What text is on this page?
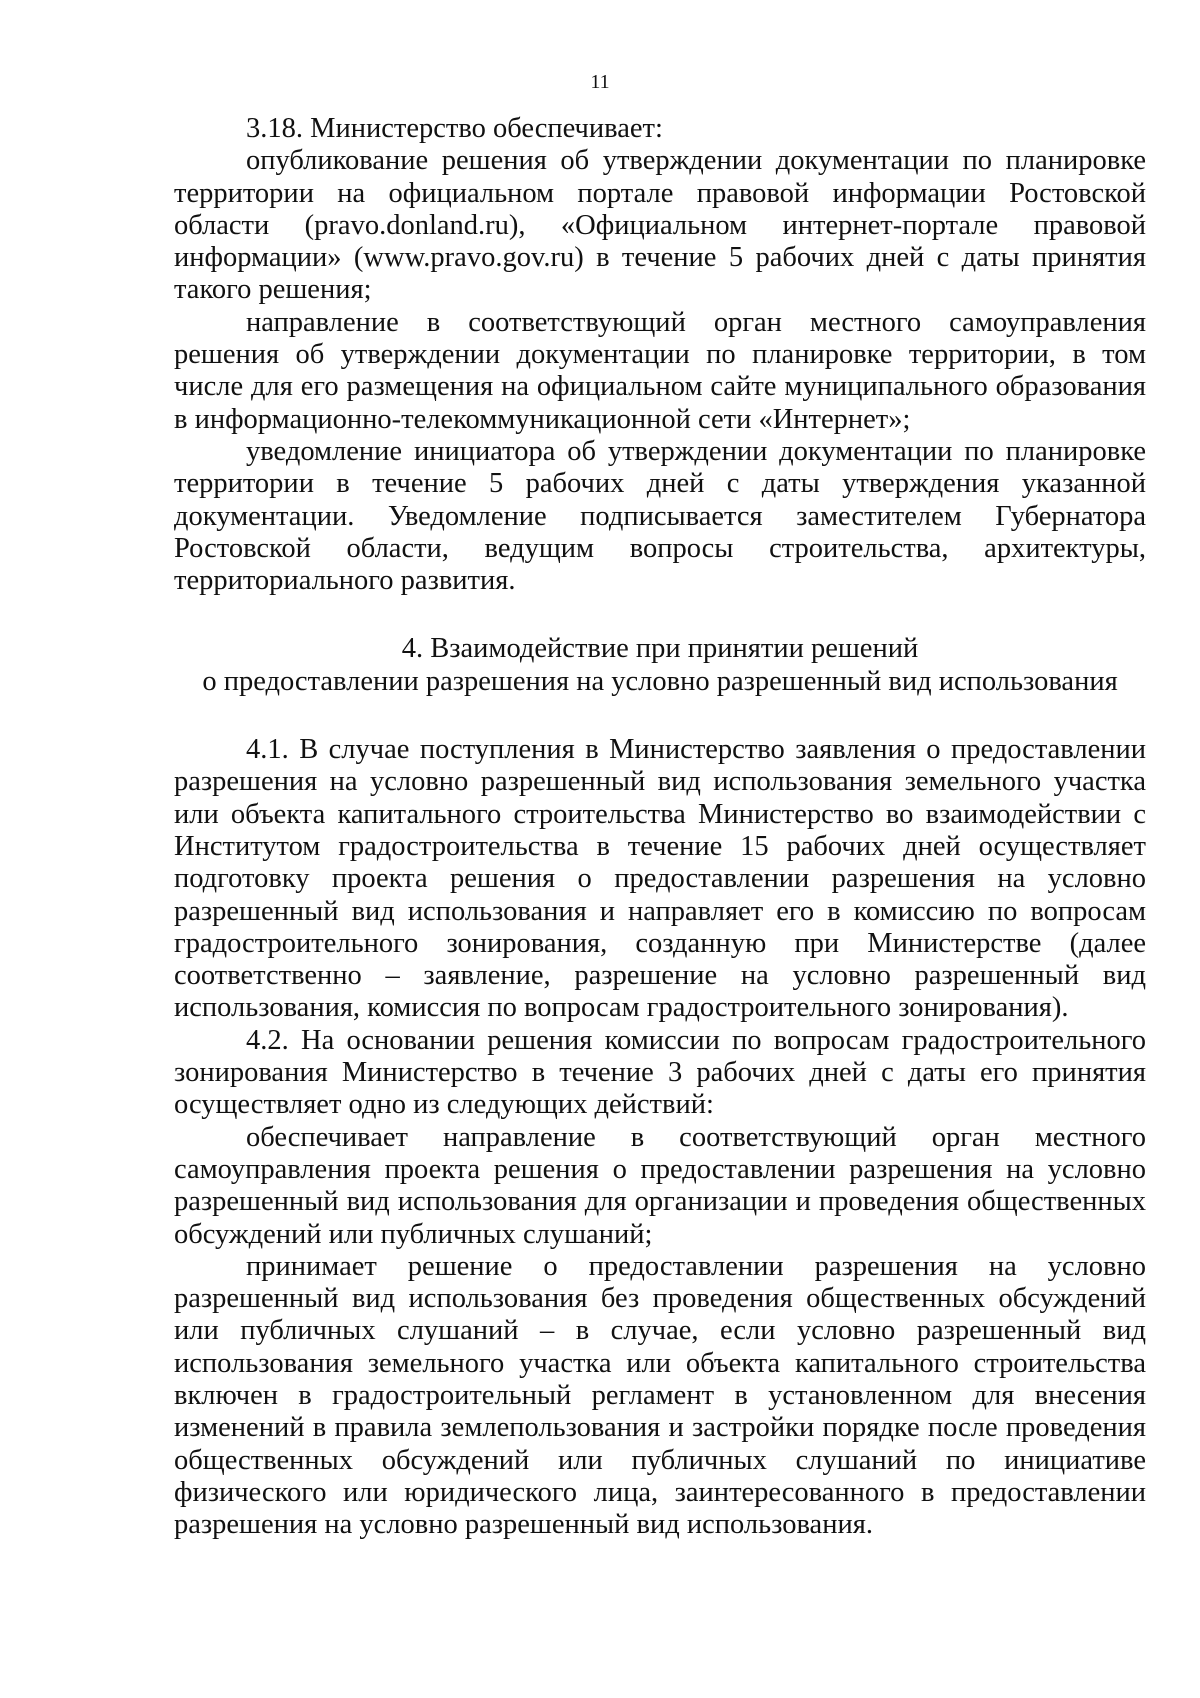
11

3.18. Министерство обеспечивает:

опубликование решения об утверждении документации по планировке территории на официальном портале правовой информации Ростовской области (pravo.donland.ru), «Официальном интернет-портале правовой информации» (www.pravo.gov.ru) в течение 5 рабочих дней с даты принятия такого решения;

направление в соответствующий орган местного самоуправления решения об утверждении документации по планировке территории, в том числе для его размещения на официальном сайте муниципального образования в информационно-телекоммуникационной сети «Интернет»;

уведомление инициатора об утверждении документации по планировке территории в течение 5 рабочих дней с даты утверждения указанной документации. Уведомление подписывается заместителем Губернатора Ростовской области, ведущим вопросы строительства, архитектуры, территориального развития.

4. Взаимодействие при принятии решений
о предоставлении разрешения на условно разрешенный вид использования

4.1. В случае поступления в Министерство заявления о предоставлении разрешения на условно разрешенный вид использования земельного участка или объекта капитального строительства Министерство во взаимодействии с Институтом градостроительства в течение 15 рабочих дней осуществляет подготовку проекта решения о предоставлении разрешения на условно разрешенный вид использования и направляет его в комиссию по вопросам градостроительного зонирования, созданную при Министерстве (далее соответственно – заявление, разрешение на условно разрешенный вид использования, комиссия по вопросам градостроительного зонирования).

4.2. На основании решения комиссии по вопросам градостроительного зонирования Министерство в течение 3 рабочих дней с даты его принятия осуществляет одно из следующих действий:

обеспечивает направление в соответствующий орган местного самоуправления проекта решения о предоставлении разрешения на условно разрешенный вид использования для организации и проведения общественных обсуждений или публичных слушаний;

принимает решение о предоставлении разрешения на условно разрешенный вид использования без проведения общественных обсуждений или публичных слушаний – в случае, если условно разрешенный вид использования земельного участка или объекта капитального строительства включен в градостроительный регламент в установленном для внесения изменений в правила землепользования и застройки порядке после проведения общественных обсуждений или публичных слушаний по инициативе физического или юридического лица, заинтересованного в предоставлении разрешения на условно разрешенный вид использования.
